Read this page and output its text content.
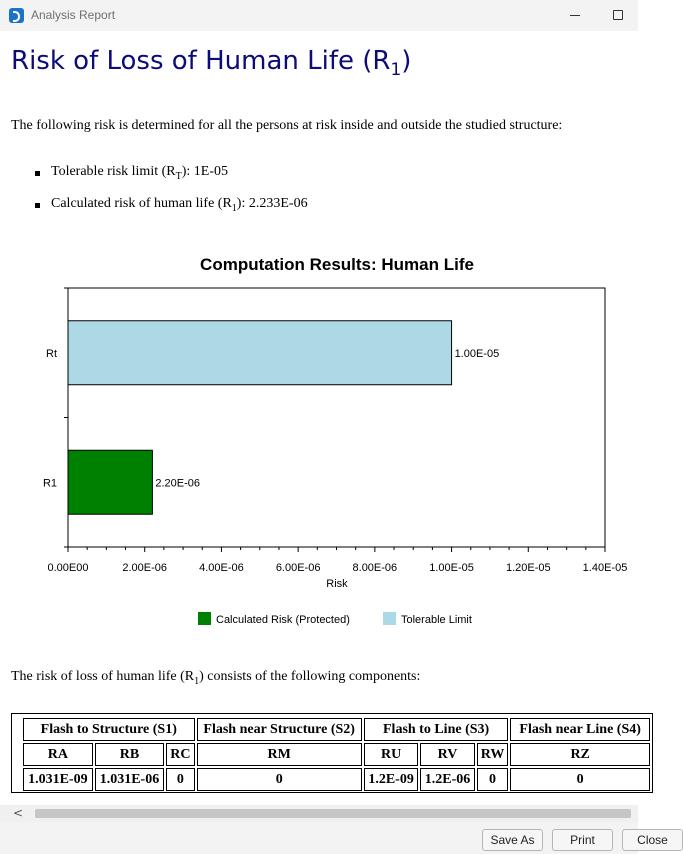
Analysis Report
Risk of Loss of Human Life $(R_1)$

The following risk is determined for all the persons at risk inside and outside the studied structure:

Tolerable risk limit $(R_T)$: 1E-05
Calculated risk of human life $(R_1)$: 2.233E-06
Computation Results: Human Life
Rt	1.00E-05
R1	2.20E-06
0.00E00	2.00E-06	4.00E-06	6.00E-06	8.00E-06	1.00E-05	1.20E-05	1.40E-05
Risk
Calculated Risk (Protected)	Tolerable Limit

The risk of loss of human life $(R_1)$ consists of the following components:

Flash to Structure (S1)			Flash near Structure (S2)	Flash to Line (S3)			Flash near Line (S4)
RA	RB	RC	RM	RU	RV	RW	RZ
1.031E-09	1.031E-06	0	0	1.2E-09	1.2E-06	0	0
<
Save As	Print	Close
